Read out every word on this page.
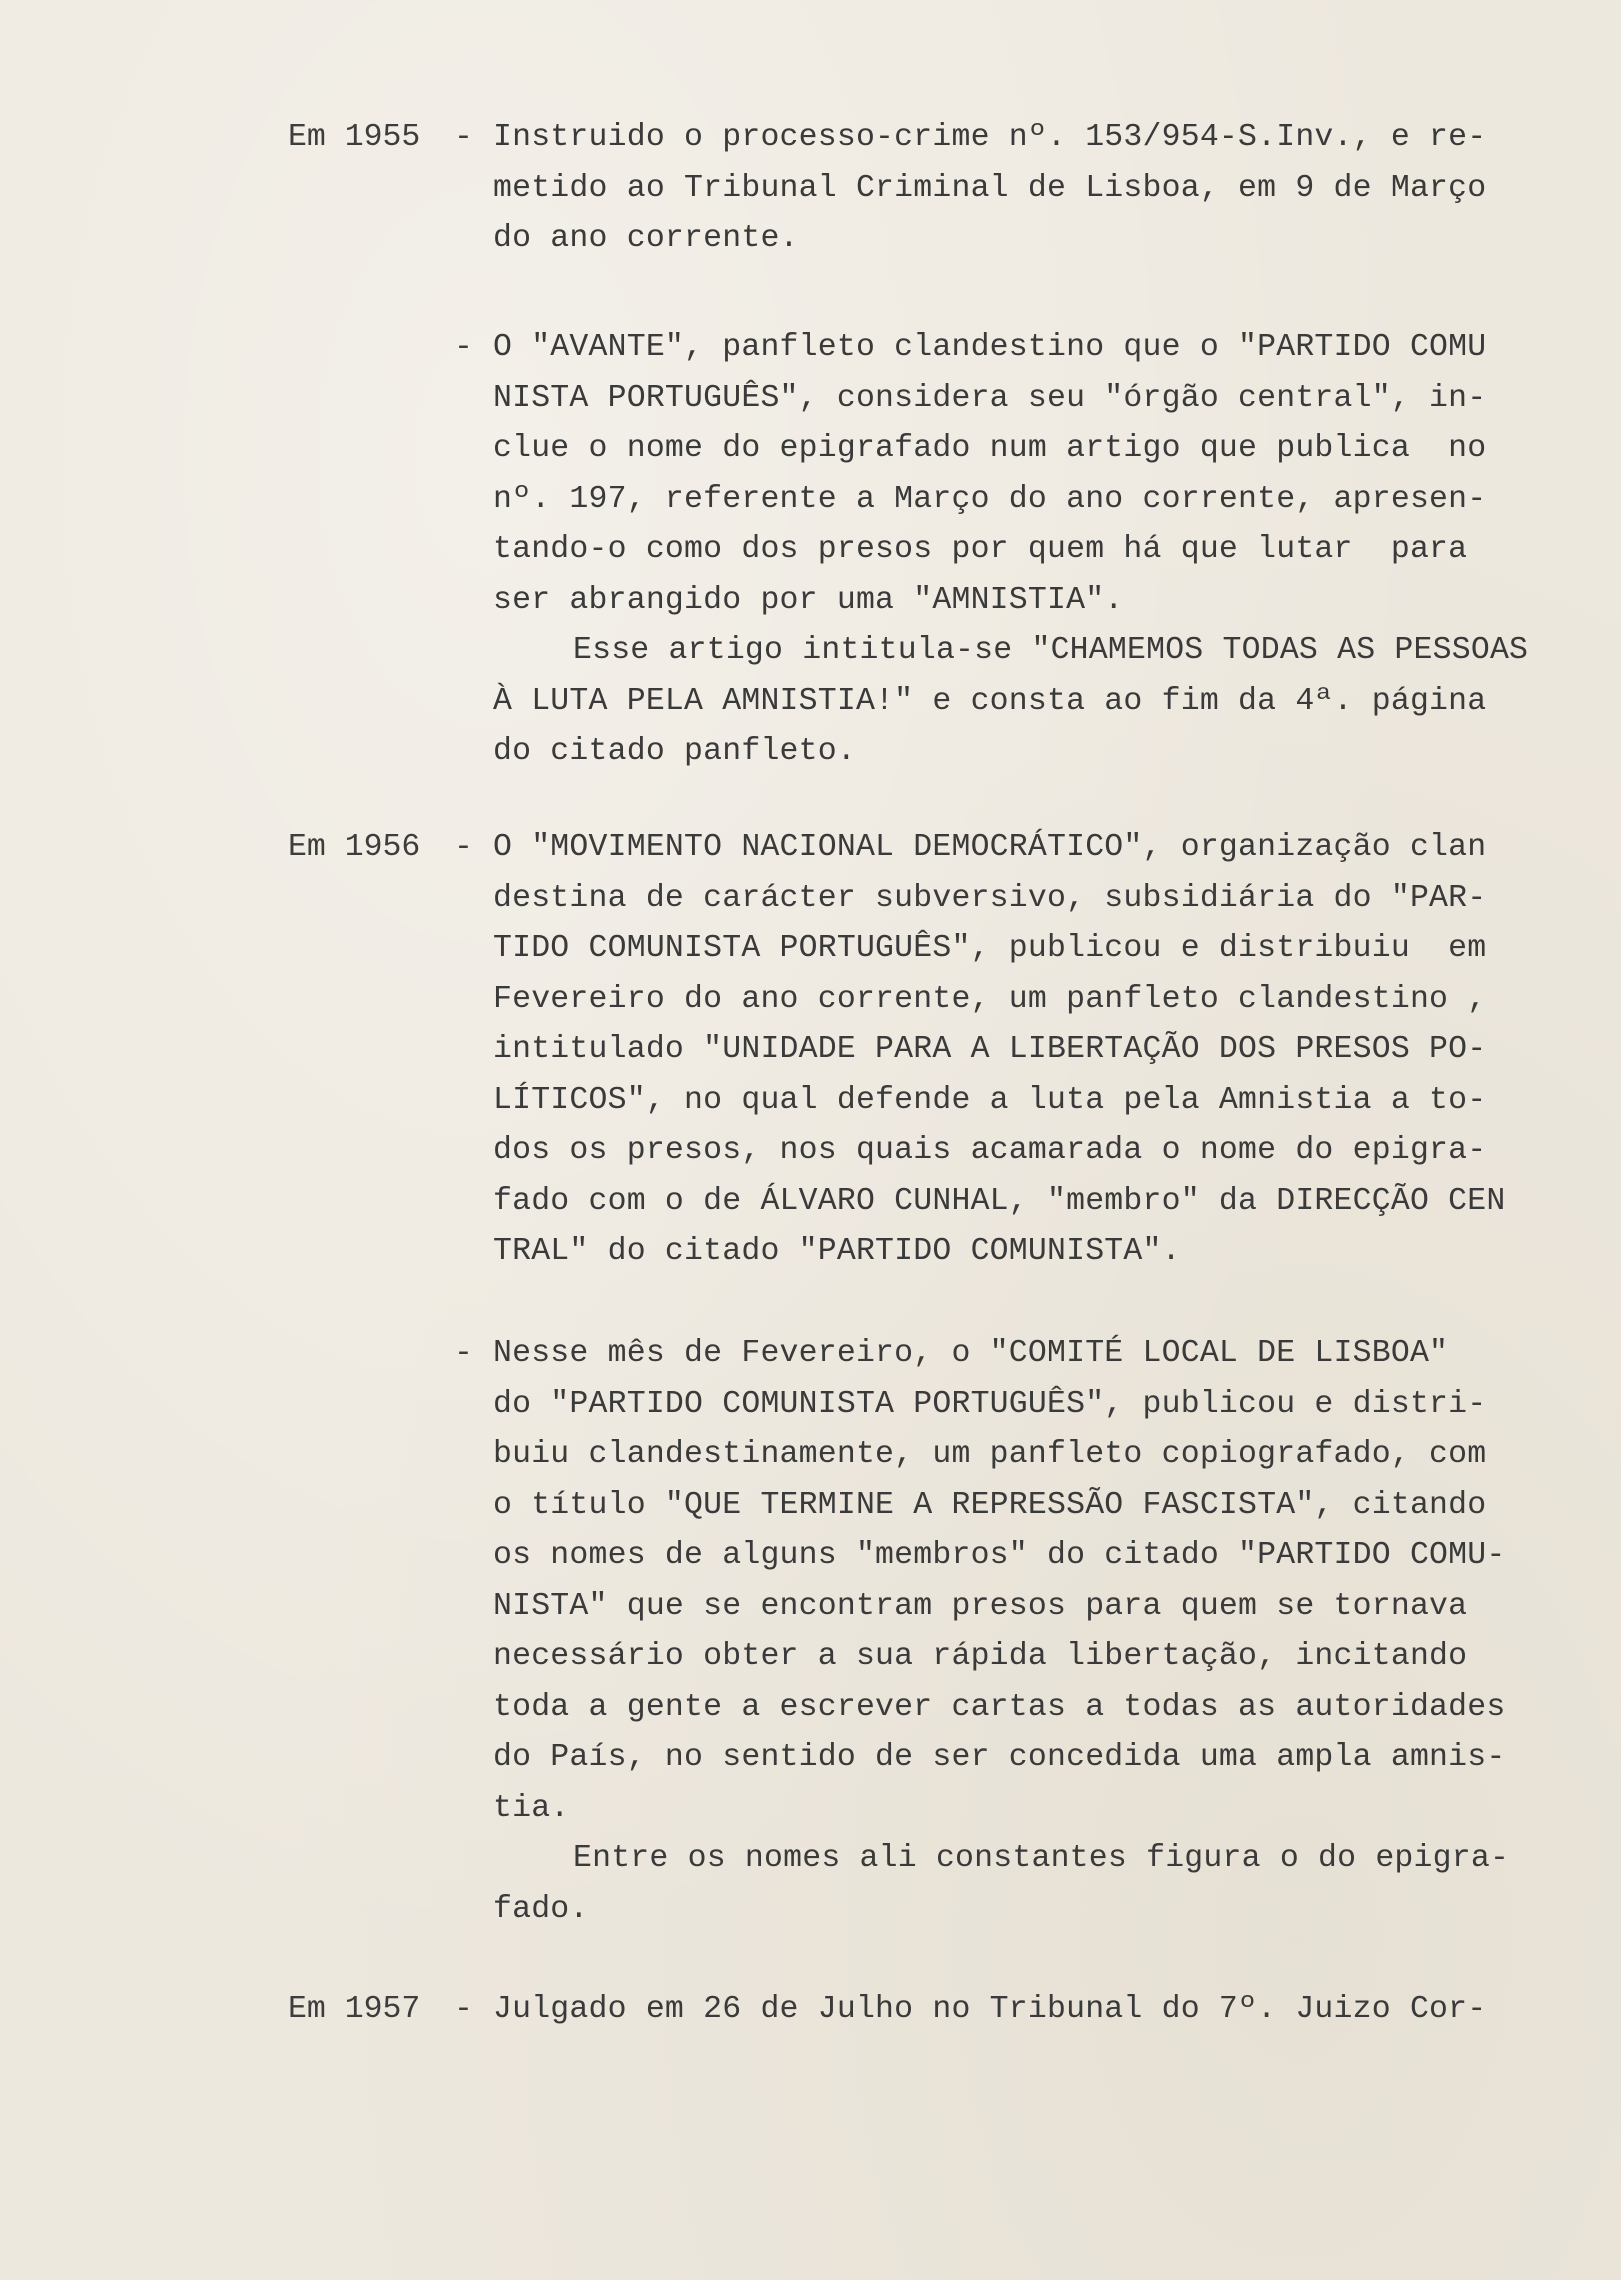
Em 1955 - Instruido o processo-crime nº. 153/954-S.Inv., e re-
metido ao Tribunal Criminal de Lisboa, em 9 de Março
do ano corrente.
- O "AVANTE", panfleto clandestino que o "PARTIDO COMU
NISTA PORTUGUÊS", considera seu "órgão central", in-
clue o nome do epigrafado num artigo que publica  no
nº. 197, referente a Março do ano corrente, apresen-
tando-o como dos presos por quem há que lutar  para
ser abrangido por uma "AMNISTIA".
Esse artigo intitula-se "CHAMEMOS TODAS AS PESSOAS
À LUTA PELA AMNISTIA!" e consta ao fim da 4ª. página
do citado panfleto.
Em 1956 - O "MOVIMENTO NACIONAL DEMOCRÁTICO", organização clan
destina de carácter subversivo, subsidiária do "PAR-
TIDO COMUNISTA PORTUGUÊS", publicou e distribuiu  em
Fevereiro do ano corrente, um panfleto clandestino ,
intitulado "UNIDADE PARA A LIBERTAÇÃO DOS PRESOS PO-
LÍTICOS", no qual defende a luta pela Amnistia a to-
dos os presos, nos quais acamarada o nome do epigra-
fado com o de ÁLVARO CUNHAL, "membro" da DIRECÇÃO CEN
TRAL" do citado "PARTIDO COMUNISTA".
- Nesse mês de Fevereiro, o "COMITÉ LOCAL DE LISBOA"
do "PARTIDO COMUNISTA PORTUGUÊS", publicou e distri-
buiu clandestinamente, um panfleto copiografado, com
o título "QUE TERMINE A REPRESSÃO FASCISTA", citando
os nomes de alguns "membros" do citado "PARTIDO COMU-
NISTA" que se encontram presos para quem se tornava
necessário obter a sua rápida libertação, incitando
toda a gente a escrever cartas a todas as autoridades
do País, no sentido de ser concedida uma ampla amnis-
tia.
Entre os nomes ali constantes figura o do epigra-
fado.
Em 1957 - Julgado em 26 de Julho no Tribunal do 7º. Juizo Cor-
